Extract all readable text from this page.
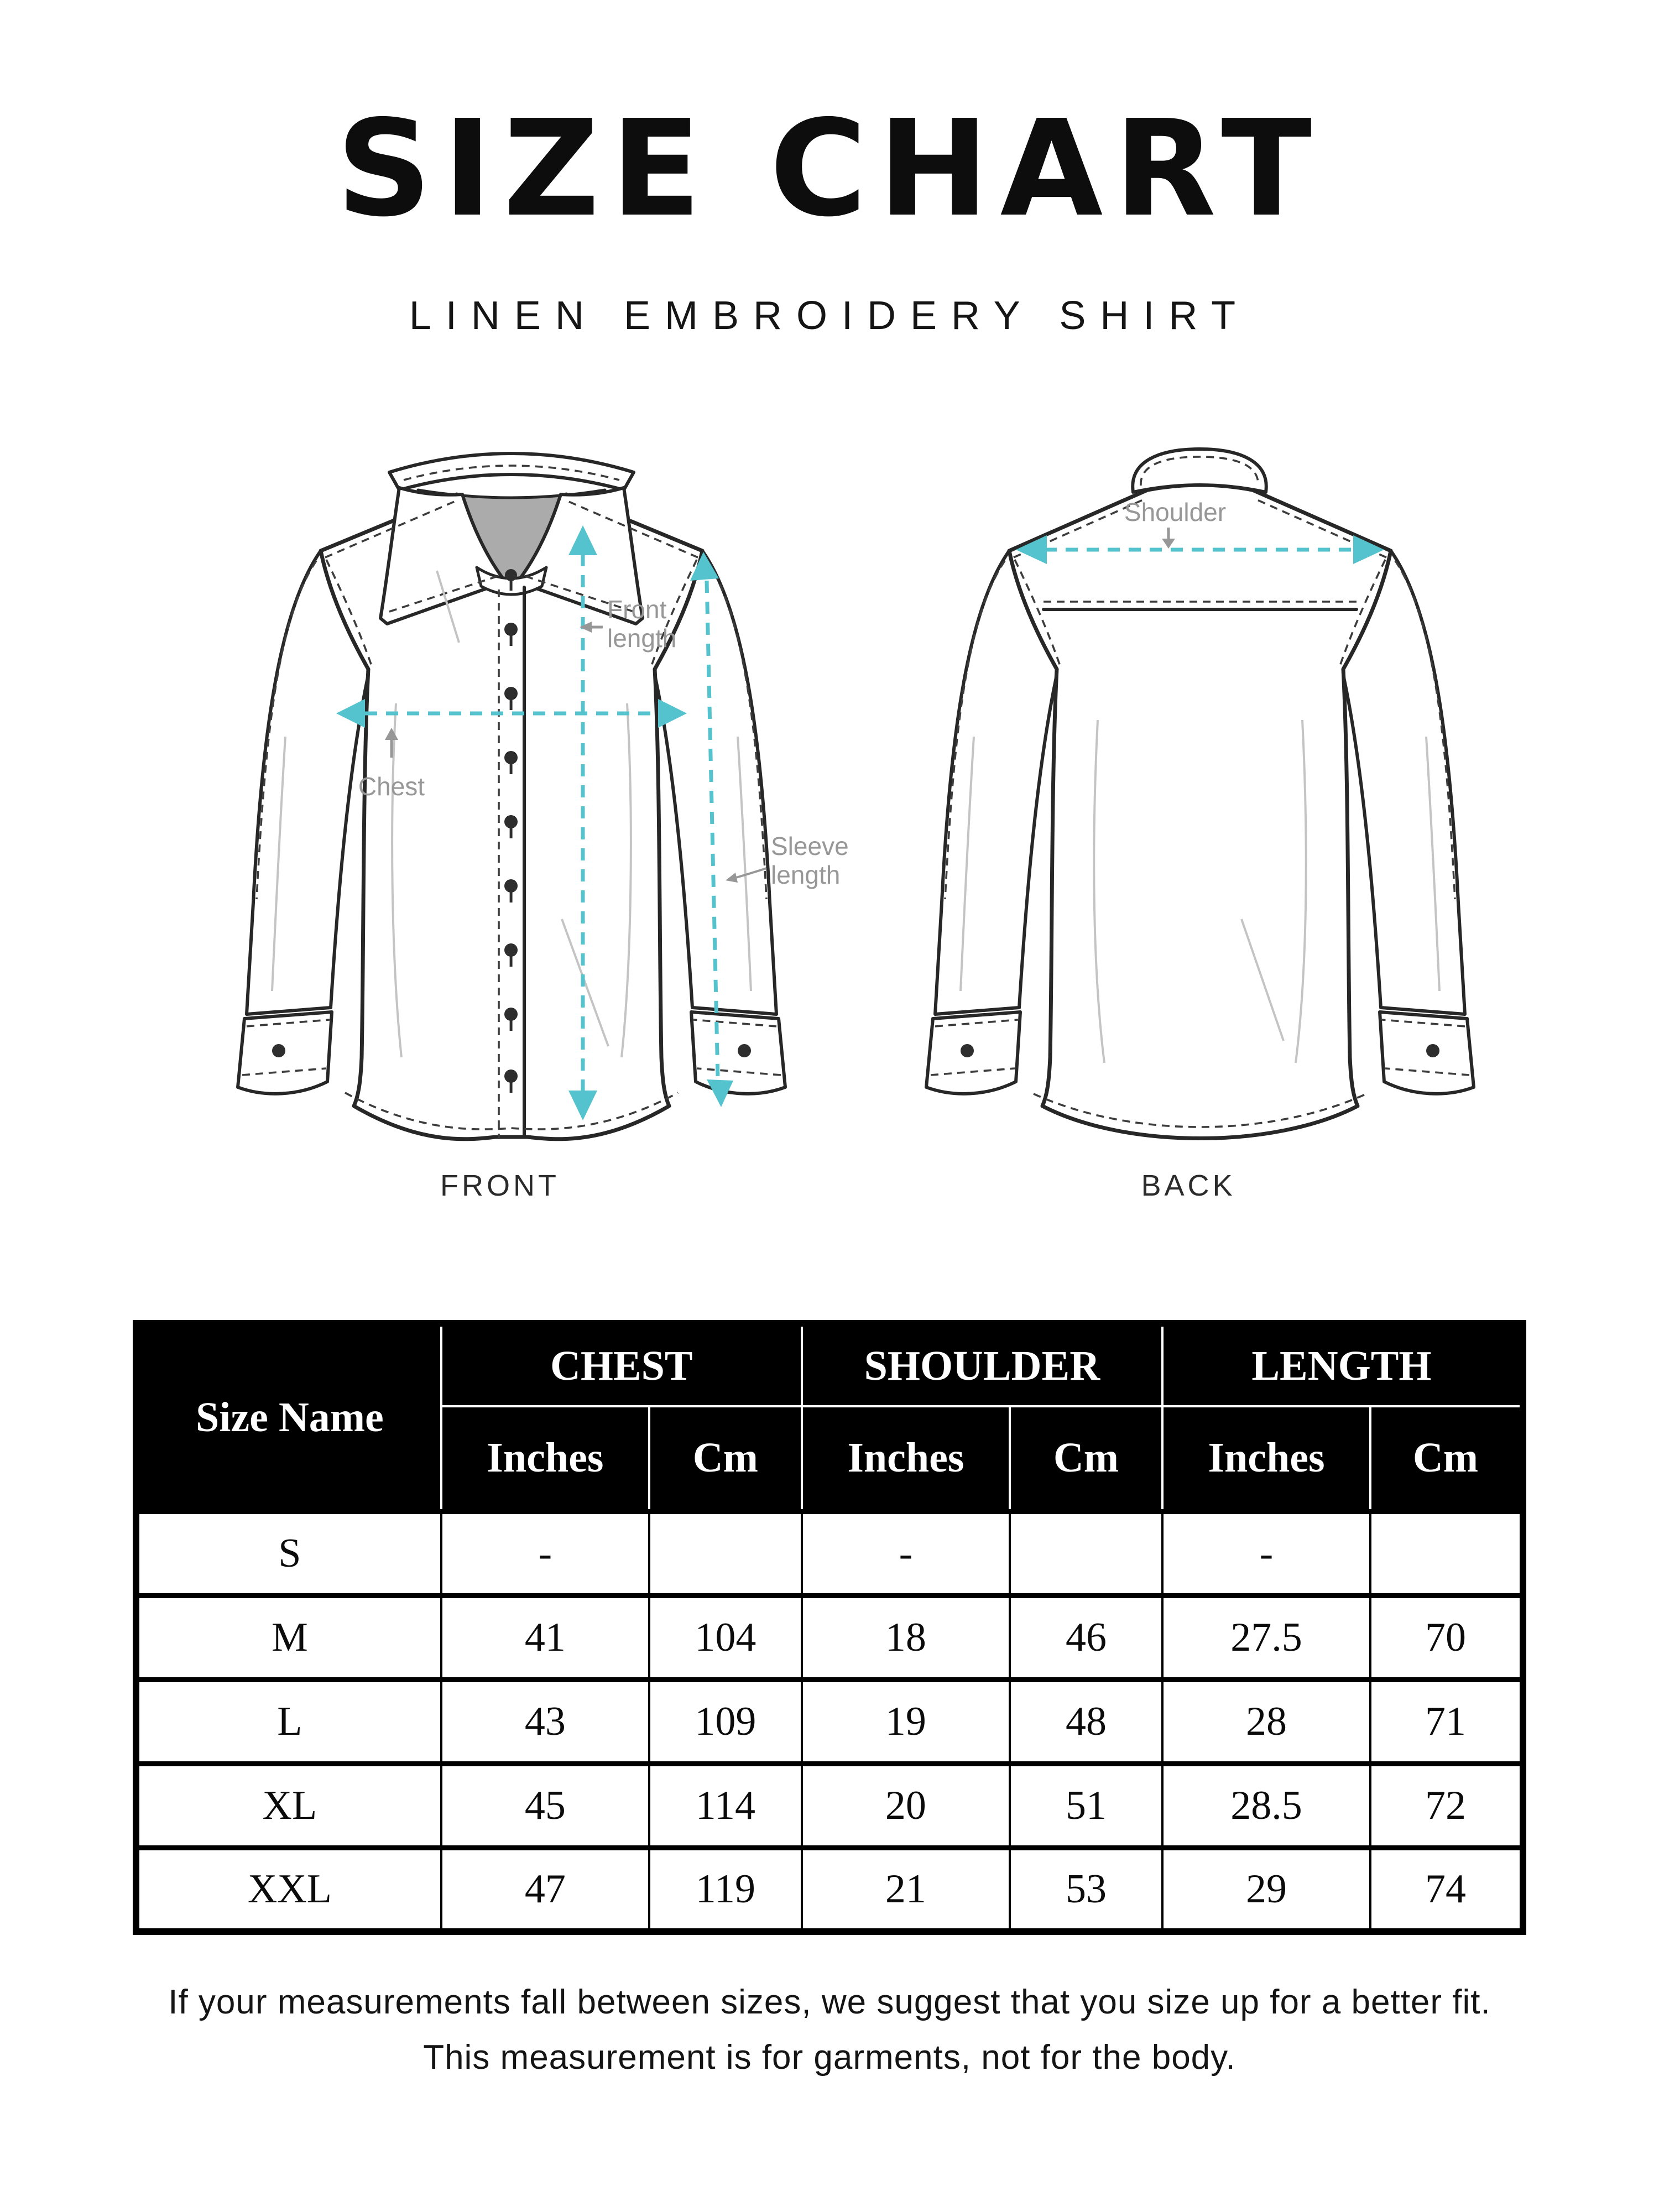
SIZE CHART
LINEN EMBROIDERY SHIRT
Front
length
Chest
Sleeve
length
FRONT
Shoulder
BACK
Size Name	CHEST		SHOULDER		LENGTH	
	Inches	Cm	Inches	Cm	Inches	Cm
S	-		-		-	
M	41	104	18	46	27.5	70
L	43	109	19	48	28	71
XL	45	114	20	51	28.5	72
XXL	47	119	21	53	29	74
If your measurements fall between sizes, we suggest that you size up for a better fit.
This measurement is for garments, not for the body.
